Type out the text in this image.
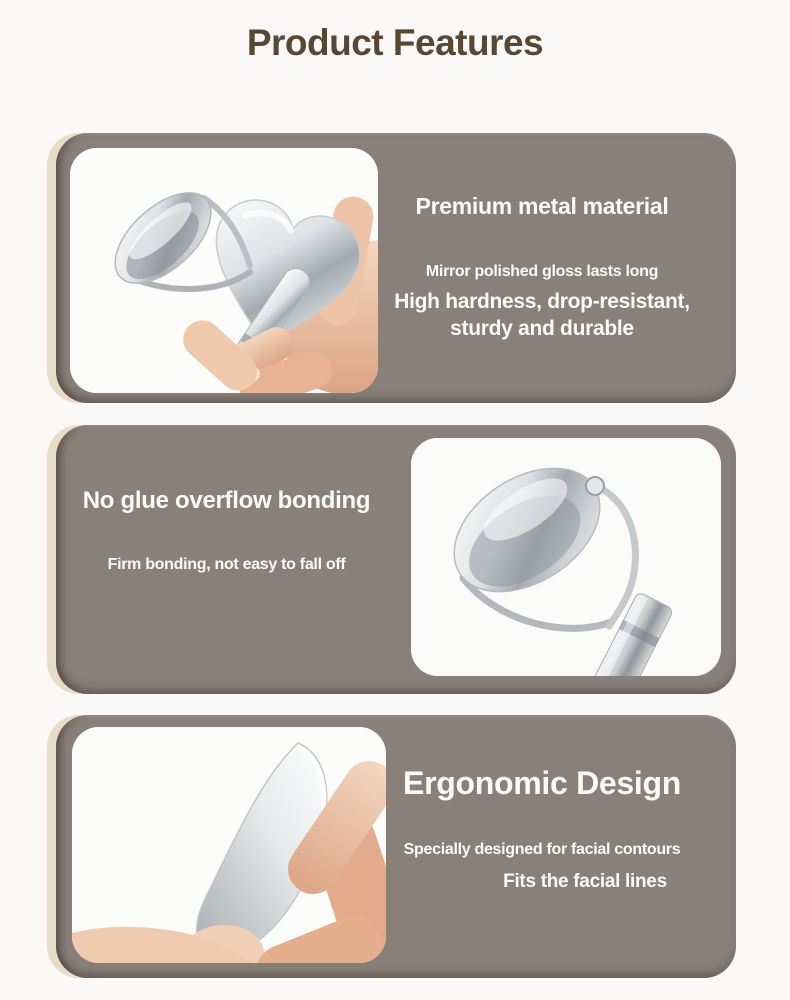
Product Features
Premium metal material

Mirror polished gloss lasts long

High hardness, drop-resistant,
sturdy and durable

No glue overflow bonding

Firm bonding, not easy to fall off

Ergonomic Design

Specially designed for facial contours

Fits the facial lines
